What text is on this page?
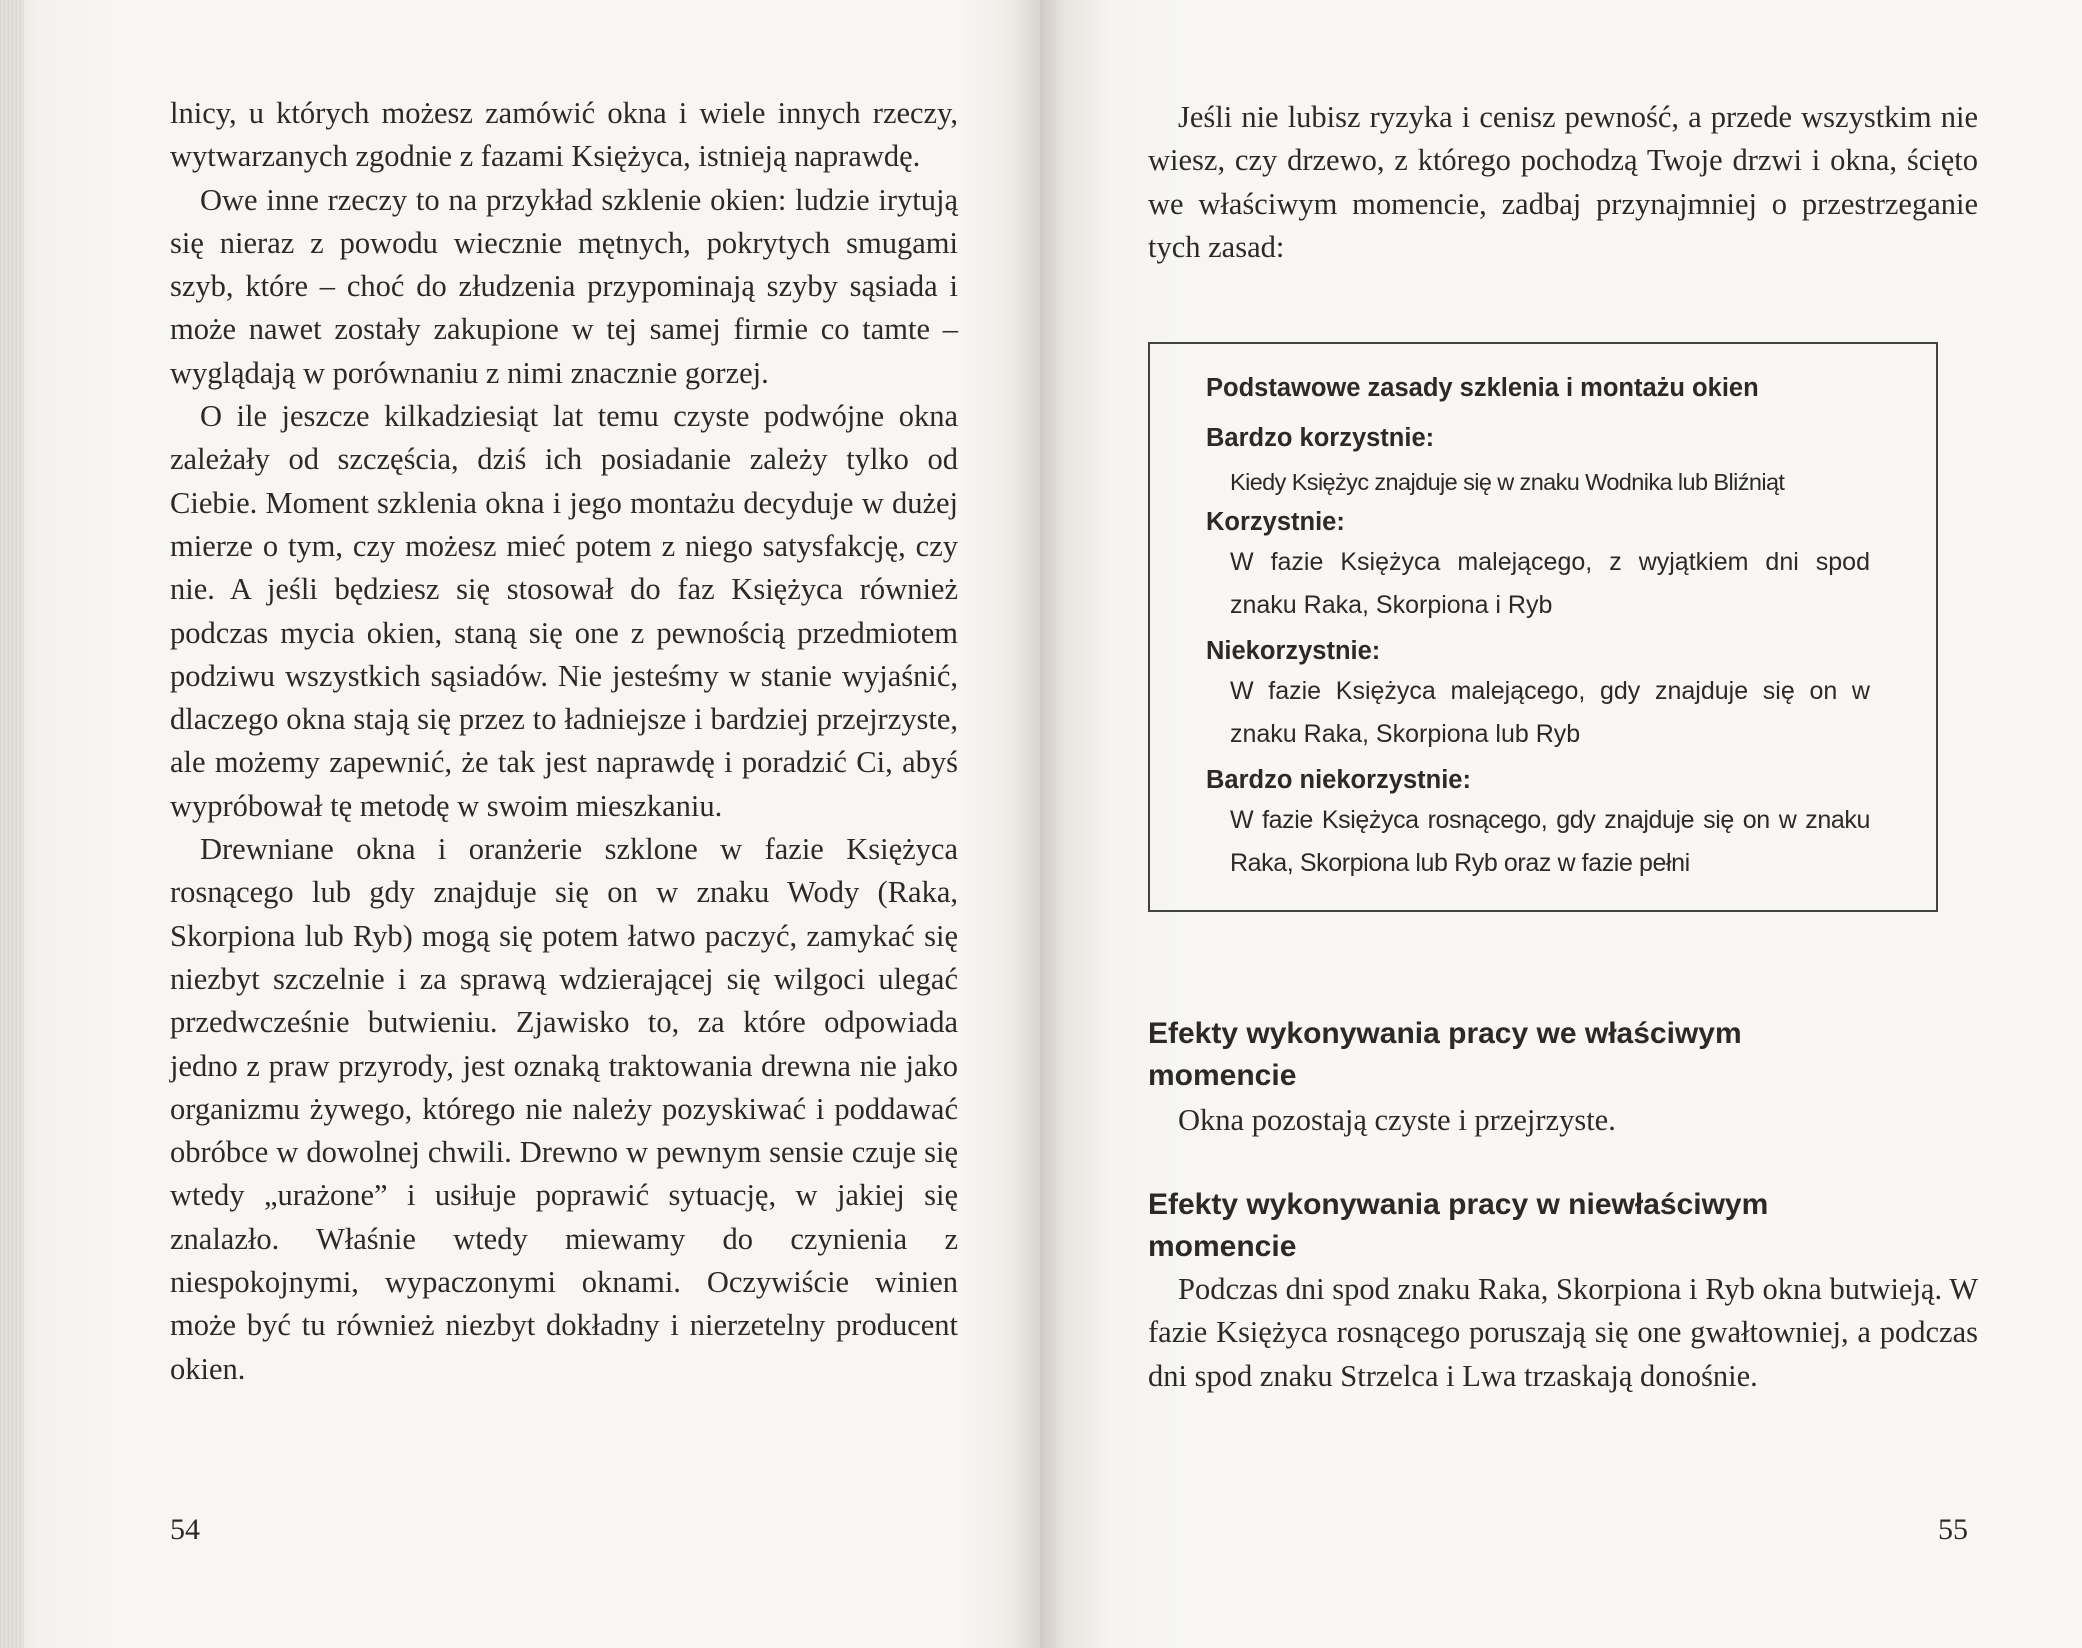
lnicy, u których możesz zamówić okna i wiele innych rzeczy, wytwarzanych zgodnie z fazami Księżyca, istnieją naprawdę.

Owe inne rzeczy to na przykład szklenie okien: ludzie irytują się nieraz z powodu wiecznie mętnych, pokrytych smugami szyb, które – choć do złudzenia przypominają szyby sąsiada i może nawet zostały zakupione w tej samej firmie co tamte – wyglądają w porównaniu z nimi znacznie gorzej.

O ile jeszcze kilkadziesiąt lat temu czyste podwójne okna zależały od szczęścia, dziś ich posiadanie zależy tylko od Ciebie. Moment szklenia okna i jego montażu decyduje w dużej mierze o tym, czy możesz mieć potem z niego satysfakcję, czy nie. A jeśli będziesz się stosował do faz Księżyca również podczas mycia okien, staną się one z pewnością przedmiotem podziwu wszystkich sąsiadów. Nie jesteśmy w stanie wyjaśnić, dlaczego okna stają się przez to ładniejsze i bardziej przejrzyste, ale możemy zapewnić, że tak jest naprawdę i poradzić Ci, abyś wypróbował tę metodę w swoim mieszkaniu.

Drewniane okna i oranżerie szklone w fazie Księżyca rosnącego lub gdy znajduje się on w znaku Wody (Raka, Skorpiona lub Ryb) mogą się potem łatwo paczyć, zamykać się niezbyt szczelnie i za sprawą wdzierającej się wilgoci ulegać przedwcześnie butwieniu. Zjawisko to, za które odpowiada jedno z praw przyrody, jest oznaką traktowania drewna nie jako organizmu żywego, którego nie należy pozyskiwać i poddawać obróbce w dowolnej chwili. Drewno w pewnym sensie czuje się wtedy „urażone” i usiłuje poprawić sytuację, w jakiej się znalazło. Właśnie wtedy miewamy do czynienia z niespokojnymi, wypaczonymi oknami. Oczywiście winien może być tu również niezbyt dokładny i nierzetelny producent okien.

54

Jeśli nie lubisz ryzyka i cenisz pewność, a przede wszystkim nie wiesz, czy drzewo, z którego pochodzą Twoje drzwi i okna, ścięto we właściwym momencie, zadbaj przynajmniej o przestrzeganie tych zasad:

Podstawowe zasady szklenia i montażu okien
Bardzo korzystnie:
Kiedy Księżyc znajduje się w znaku Wodnika lub Bliźniąt
Korzystnie:
W fazie Księżyca malejącego, z wyjątkiem dni spod znaku Raka, Skorpiona i Ryb
Niekorzystnie:
W fazie Księżyca malejącego, gdy znajduje się on w znaku Raka, Skorpiona lub Ryb
Bardzo niekorzystnie:
W fazie Księżyca rosnącego, gdy znajduje się on w znaku Raka, Skorpiona lub Ryb oraz w fazie pełni
Efekty wykonywania pracy we właściwym momencie

Okna pozostają czyste i przejrzyste.

Efekty wykonywania pracy w niewłaściwym momencie

Podczas dni spod znaku Raka, Skorpiona i Ryb okna butwieją. W fazie Księżyca rosnącego poruszają się one gwałtowniej, a podczas dni spod znaku Strzelca i Lwa trzaskają donośnie.

55
